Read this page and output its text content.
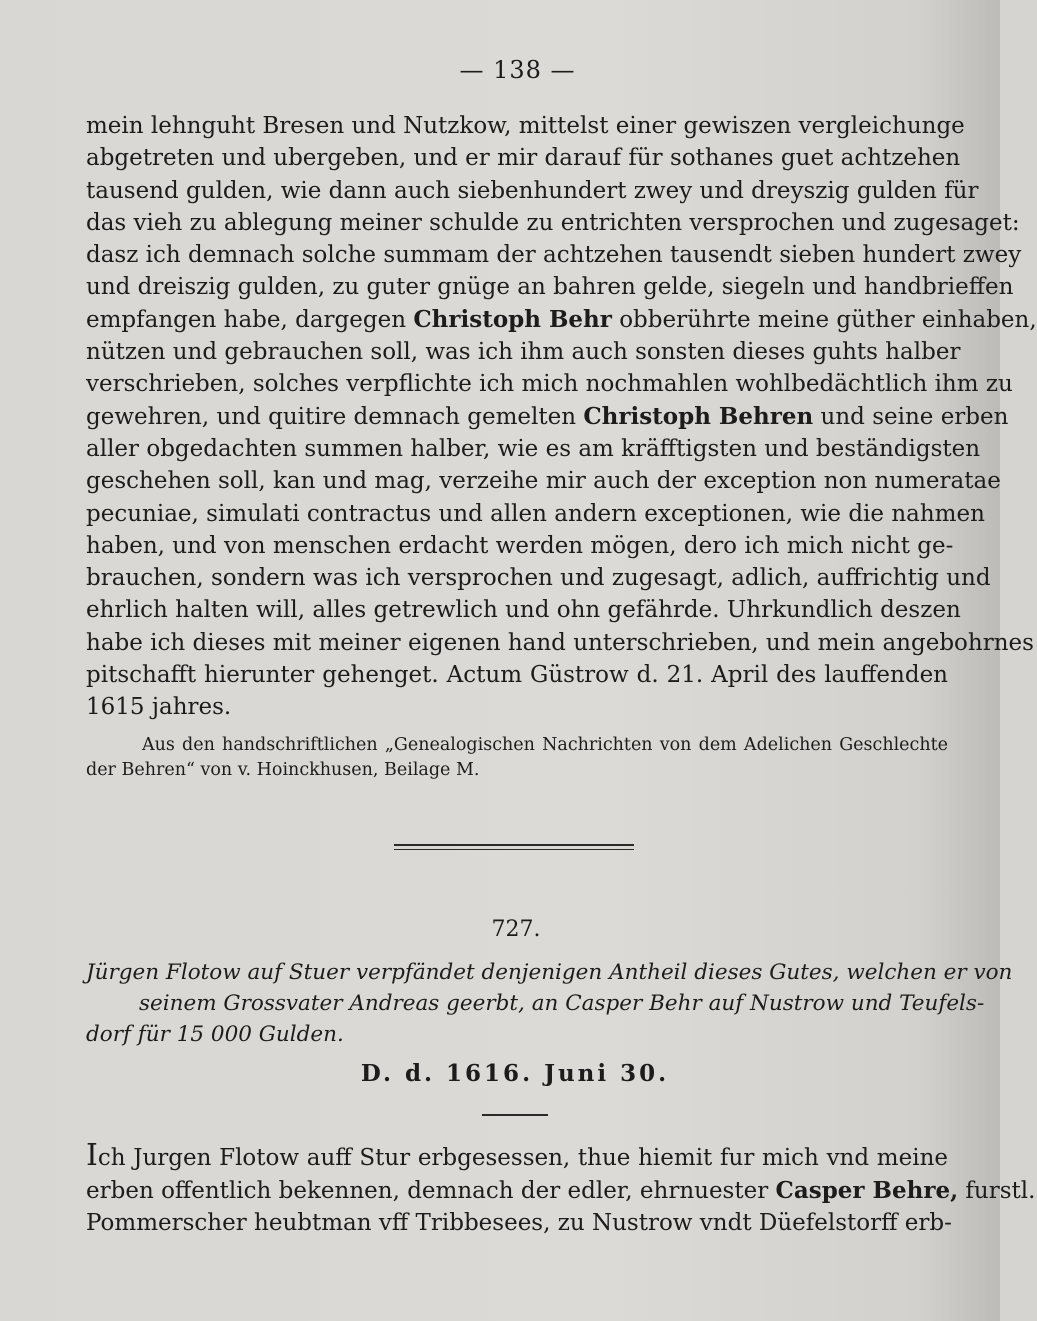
— 138 —
mein lehnguht Bresen und Nutzkow, mittelst einer gewiszen vergleichunge
abgetreten und ubergeben, und er mir darauf für sothanes guet achtzehen
tausend gulden, wie dann auch siebenhundert zwey und dreyszig gulden für
das vieh zu ablegung meiner schulde zu entrichten versprochen und zugesaget:
dasz ich demnach solche summam der achtzehen tausendt sieben hundert zwey
und dreiszig gulden, zu guter gnüge an bahren gelde, siegeln und handbrieffen
empfangen habe, dargegen Christoph Behr obberührte meine güther einhaben,
nützen und gebrauchen soll, was ich ihm auch sonsten dieses guhts halber
verschrieben, solches verpflichte ich mich nochmahlen wohlbedächtlich ihm zu
gewehren, und quitire demnach gemelten Christoph Behren und seine erben
aller obgedachten summen halber, wie es am kräfftigsten und beständigsten
geschehen soll, kan und mag, verzeihe mir auch der exception non numeratae
pecuniae, simulati contractus und allen andern exceptionen, wie die nahmen
haben, und von menschen erdacht werden mögen, dero ich mich nicht ge-
brauchen, sondern was ich versprochen und zugesagt, adlich, auffrichtig und
ehrlich halten will, alles getrewlich und ohn gefährde. Uhrkundlich deszen
habe ich dieses mit meiner eigenen hand unterschrieben, und mein angebohrnes
pitschafft hierunter gehenget. Actum Güstrow d. 21. April des lauffenden
1615 jahres.
Aus den handschriftlichen „Genealogischen Nachrichten von dem Adelichen Geschlechte
der Behren“ von v. Hoinckhusen, Beilage M.
727.
Jürgen Flotow auf Stuer verpfändet denjenigen Antheil dieses Gutes, welchen er von
seinem Grossvater Andreas geerbt, an Casper Behr auf Nustrow und Teufels-
dorf für 15 000 Gulden.
D. d. 1616. Juni 30.
Ich Jurgen Flotow auff Stur erbgesessen, thue hiemit fur mich vnd meine
erben offentlich bekennen, demnach der edler, ehrnuester Casper Behre, furstl.
Pommerscher heubtman vff Tribbesees, zu Nustrow vndt Düefelstorff erb-
